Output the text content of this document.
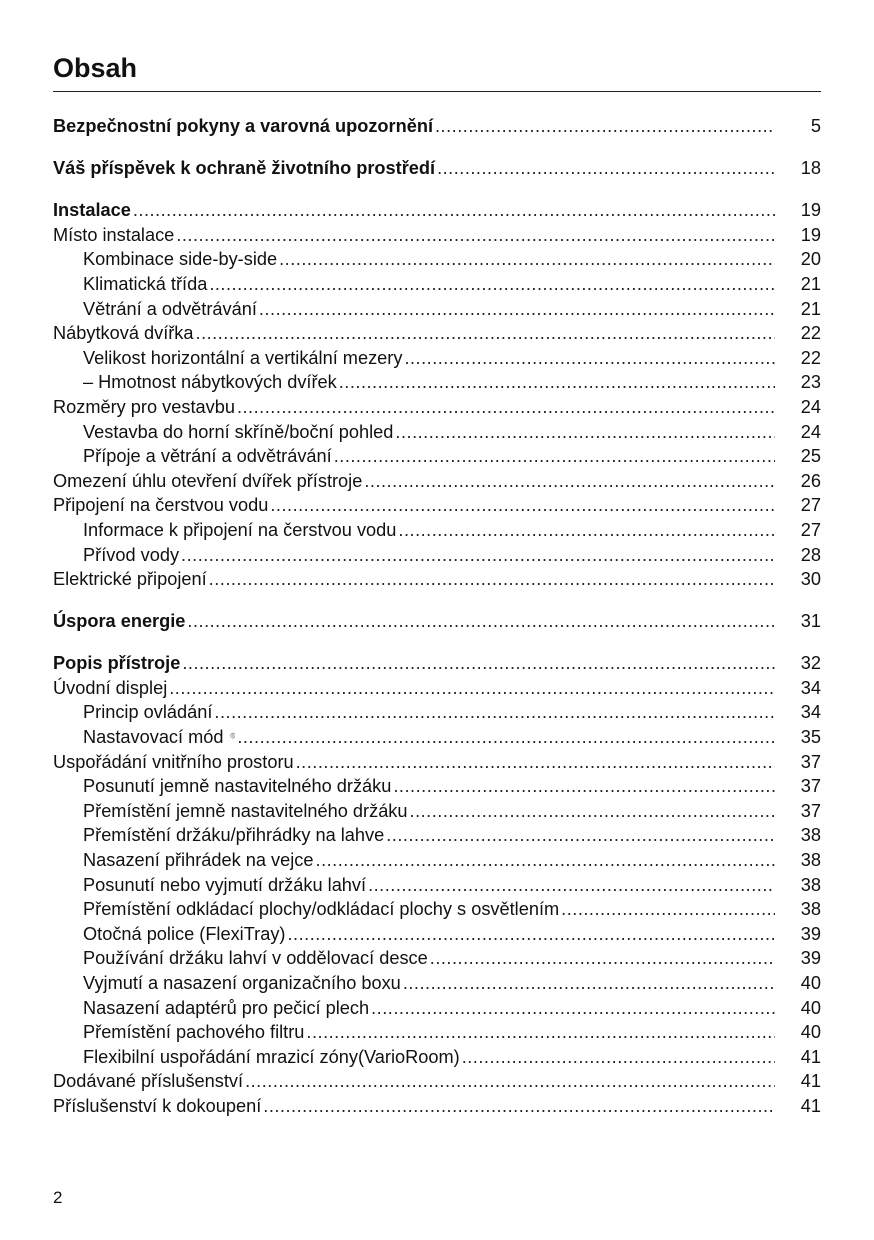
Obsah
Bezpečnostní pokyny a varovná upozornění .....	5
Váš příspěvek k ochraně životního prostředí .....	18
Instalace .....	19
Místo instalace .....	19
Kombinace side-by-side .....	20
Klimatická třída .....	21
Větrání a odvětrávání .....	21
Nábytková dvířka .....	22
Velikost horizontální a vertikální mezery .....	22
– Hmotnost nábytkových dvířek .....	23
Rozměry pro vestavbu .....	24
Vestavba do horní skříně/boční pohled .....	24
Přípoje a větrání a odvětrávání .....	25
Omezení úhlu otevření dvířek přístroje .....	26
Připojení na čerstvou vodu .....	27
Informace k připojení na čerstvou vodu .....	27
Přívod vody .....	28
Elektrické připojení .....	30
Úspora energie .....	31
Popis přístroje .....	32
Úvodní displej .....	34
Princip ovládání .....	34
Nastavovací mód .....	35
Uspořádání vnitřního prostoru .....	37
Posunutí jemně nastavitelného držáku .....	37
Přemístění jemně nastavitelného držáku .....	37
Přemístění držáku/přihrádky na lahve .....	38
Nasazení přihrádek na vejce .....	38
Posunutí nebo vyjmutí držáku lahví .....	38
Přemístění odkládací plochy/odkládací plochy s osvětlením .....	38
Otočná police (FlexiTray) .....	39
Používání držáku lahví v oddělovací desce .....	39
Vyjmutí a nasazení organizačního boxu .....	40
Nasazení adaptérů pro pečicí plech .....	40
Přemístění pachového filtru .....	40
Flexibilní uspořádání mrazicí zóny(VarioRoom) .....	41
Dodávané příslušenství .....	41
Příslušenství k dokoupení .....	41
2
